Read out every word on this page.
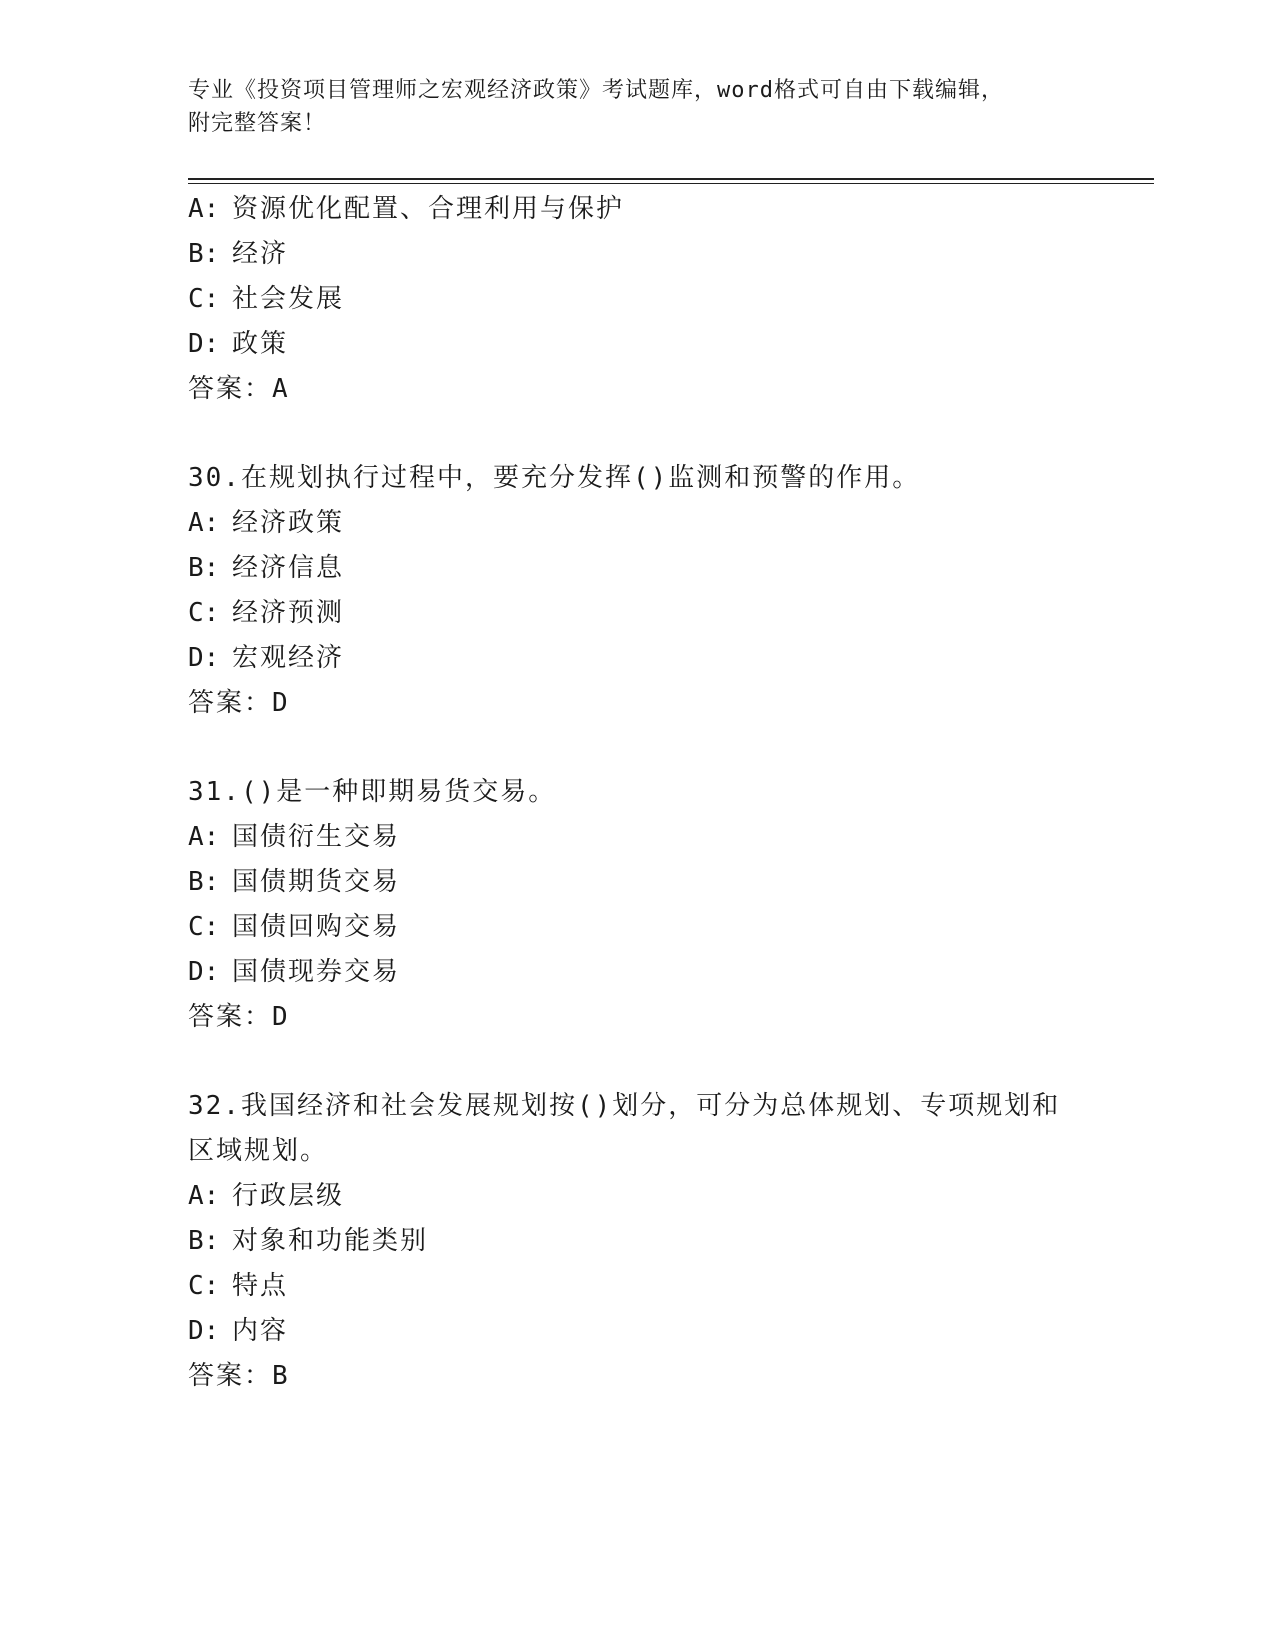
专业《投资项目管理师之宏观经济政策》考试题库，word格式可自由下载编辑，
附完整答案！
A: 资源优化配置、合理利用与保护
B: 经济
C: 社会发展
D: 政策
答案：A
30.在规划执行过程中，要充分发挥()监测和预警的作用。
A: 经济政策
B: 经济信息
C: 经济预测
D: 宏观经济
答案：D
31.()是一种即期易货交易。
A: 国债衍生交易
B: 国债期货交易
C: 国债回购交易
D: 国债现券交易
答案：D
32.我国经济和社会发展规划按()划分，可分为总体规划、专项规划和
区域规划。
A: 行政层级
B: 对象和功能类别
C: 特点
D: 内容
答案：B
